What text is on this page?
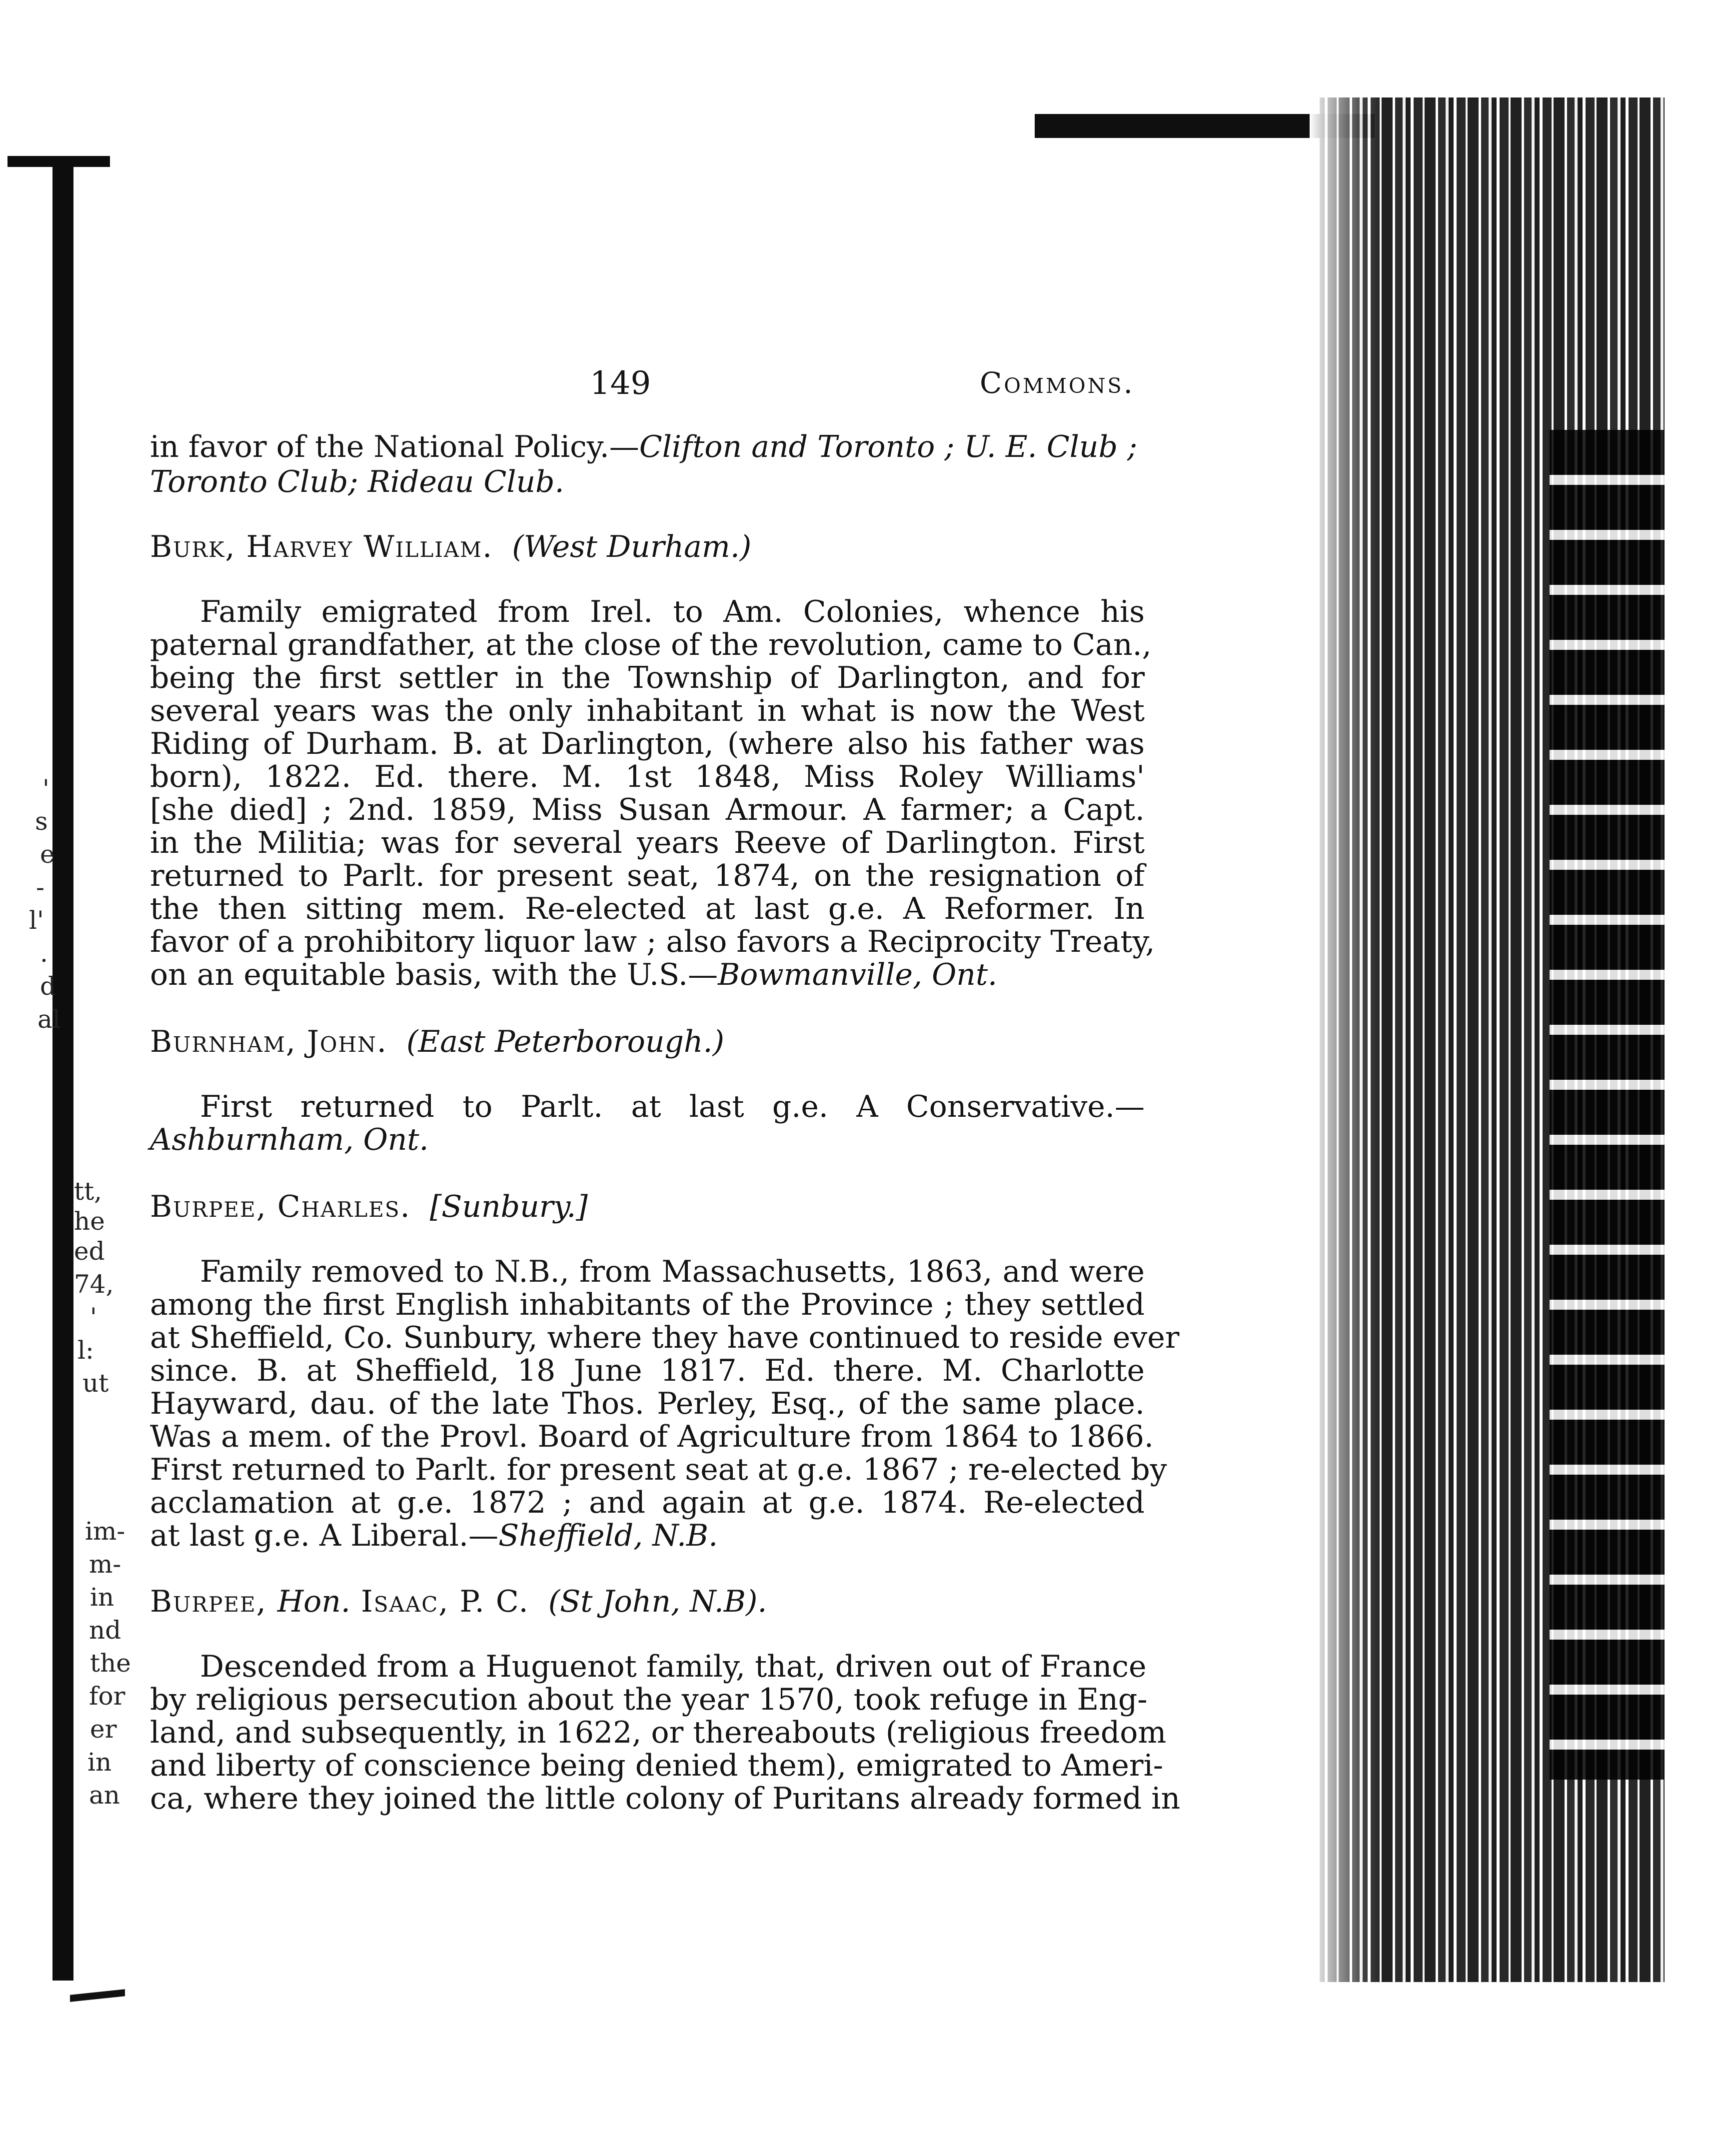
'
s
e
-
l'
.
d
al
tt,
he
ed
74,
'
l:
ut
im-
m-
in
nd
the
for
er
in
an
149	Commons.
in favor of the National Policy.—Clifton and Toronto ; U. E. Club ;
Toronto Club; Rideau Club.
Burk, Harvey William. (West Durham.)
Family emigrated from Irel. to Am. Colonies, whence his
paternal grandfather, at the close of the revolution, came to Can.,
being the first settler in the Township of Darlington, and for
several years was the only inhabitant in what is now the West
Riding of Durham. B. at Darlington, (where also his father was
born), 1822. Ed. there. M. 1st 1848, Miss Roley Williams'
[she died] ; 2nd. 1859, Miss Susan Armour. A farmer; a Capt.
in the Militia; was for several years Reeve of Darlington. First
returned to Parlt. for present seat, 1874, on the resignation of
the then sitting mem. Re-elected at last g.e. A Reformer. In
favor of a prohibitory liquor law ; also favors a Reciprocity Treaty,
on an equitable basis, with the U.S.—Bowmanville, Ont.
Burnham, John. (East Peterborough.)
First returned to Parlt. at last g.e. A Conservative.—
Ashburnham, Ont.
Burpee, Charles. [Sunbury.]
Family removed to N.B., from Massachusetts, 1863, and were
among the first English inhabitants of the Province ; they settled
at Sheffield, Co. Sunbury, where they have continued to reside ever
since. B. at Sheffield, 18 June 1817. Ed. there. M. Charlotte
Hayward, dau. of the late Thos. Perley, Esq., of the same place.
Was a mem. of the Provl. Board of Agriculture from 1864 to 1866.
First returned to Parlt. for present seat at g.e. 1867 ; re-elected by
acclamation at g.e. 1872 ; and again at g.e. 1874. Re-elected
at last g.e. A Liberal.—Sheffield, N.B.
Burpee, Hon. Isaac, P. C. (St John, N.B).
Descended from a Huguenot family, that, driven out of France
by religious persecution about the year 1570, took refuge in Eng-
land, and subsequently, in 1622, or thereabouts (religious freedom
and liberty of conscience being denied them), emigrated to Ameri-
ca, where they joined the little colony of Puritans already formed in
